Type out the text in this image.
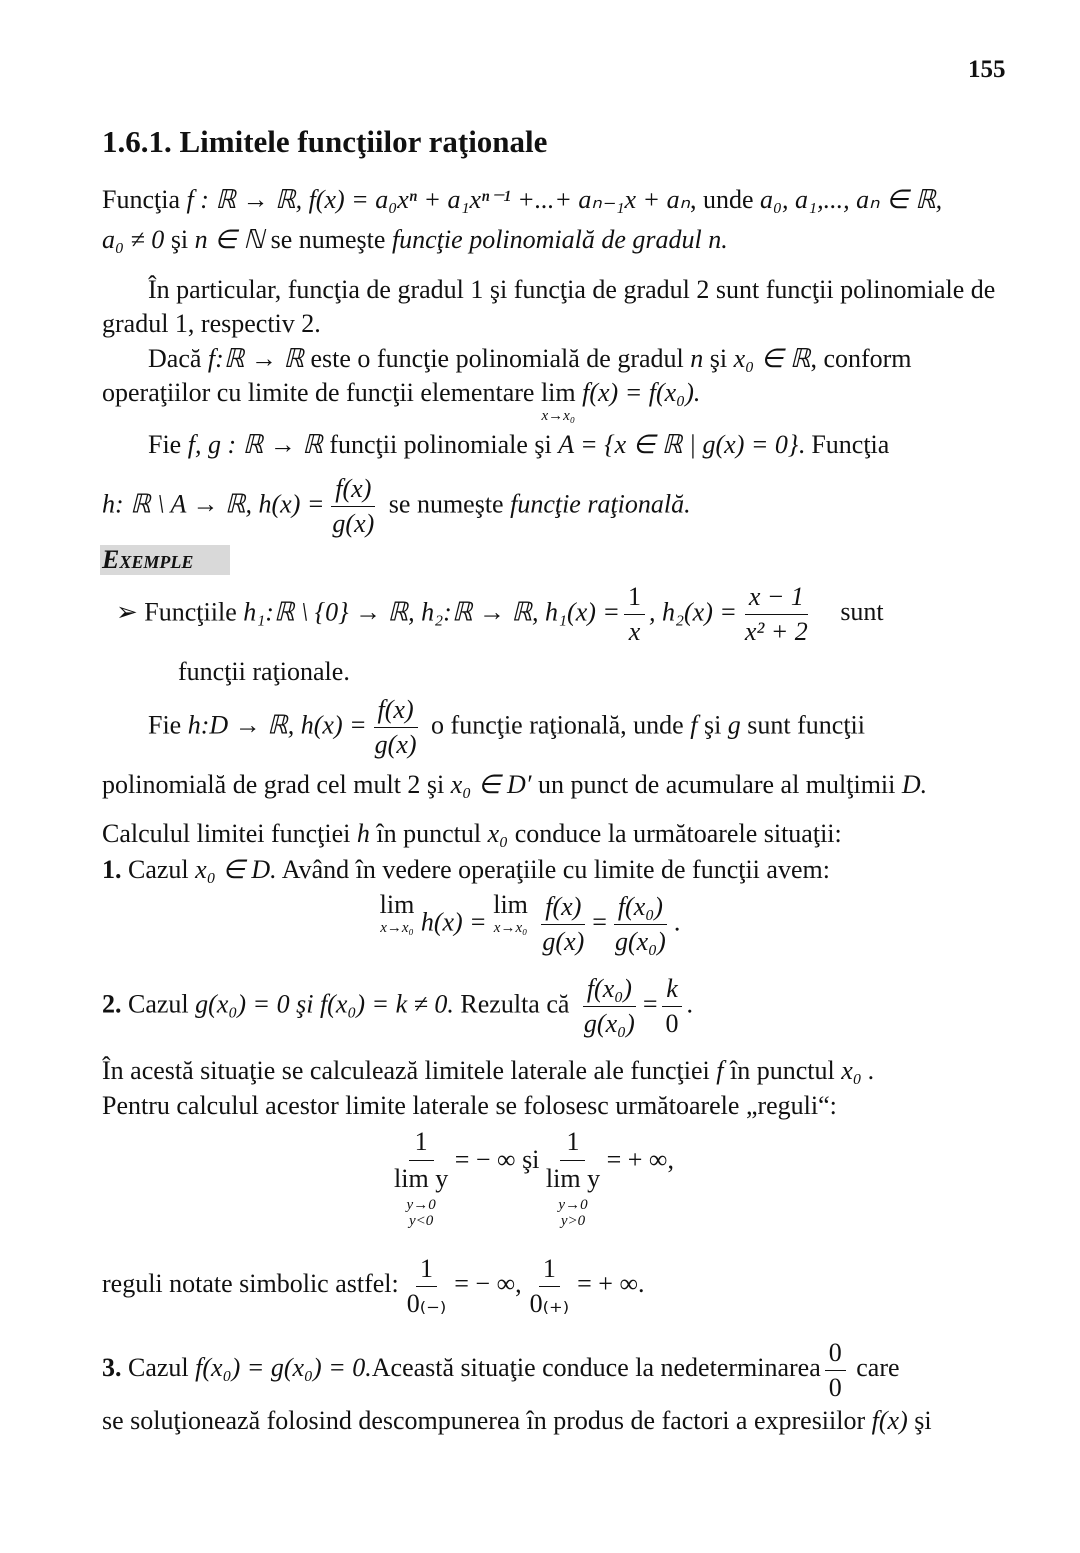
155
1.6.1. Limitele funcţiilor raţionale
Funcţia f : ℝ → ℝ, f(x) = a₀xⁿ + a₁xⁿ⁻¹ +...+ aₙ₋₁x + aₙ, unde a₀, a₁,..., aₙ ∈ ℝ,
a₀ ≠ 0 şi n ∈ ℕ se numeşte funcţie polinomială de gradul n.
În particular, funcţia de gradul 1 şi funcţia de gradul 2 sunt funcţii polinomiale de
gradul 1, respectiv 2.
Dacă f:ℝ → ℝ este o funcţie polinomială de gradul n şi x₀ ∈ ℝ, conform
operaţiilor cu limite de funcţii elementare lim
x→x₀
f(x) = f(x₀).
Fie f, g : ℝ → ℝ funcţii polinomiale şi A = {x ∈ ℝ | g(x) = 0}. Funcţia
h: ℝ \ A → ℝ, $h(x) = \frac{f(x)}{g(x)}$ se numeşte funcţie raţională.
Exemple
➢ Funcţiile h₁:ℝ \ {0} → ℝ, h₂:ℝ → ℝ, $h_1(x) = \frac{1}{x}$ , $h_2(x) = \frac{x - 1}{\text{x² + 2}}$ sunt
funcţii raţionale.
Fie h:D → ℝ, $h(x) = \frac{f(x)}{g(x)}$ o funcţie raţională, unde f şi g sunt funcţii
polinomială de grad cel mult 2 şi x₀ ∈ D′ un punct de acumulare al mulţimii D.
Calculul limitei funcţiei h în punctul x₀ conduce la următoarele situaţii:
1. Cazul x₀ ∈ D. Având în vedere operaţiile cu limite de funcţii avem:
lim
x→x₀ h(x) =
lim
x→x₀
$\frac{f(x)}{g(x)} = \frac{\text{f(x₀)}}{\text{g(x₀)}}$ .
2. Cazul g(x₀) = 0 şi f(x₀) = k ≠ 0. Rezulta că $\frac{\text{f(x₀)}}{\text{g(x₀)}} = \frac{k}{0}$ .
În acestă situaţie se calculează limitele laterale ale funcţiei f în punctul x₀ .
Pentru calculul acestor limite laterale se folosesc următoarele „reguli“:
1
lim y
y→0
y<0
= − ∞ şi
1
lim y
y→0
y>0
= + ∞,
reguli notate simbolic astfel: $\frac{1}{0_{(-)}}$ = − ∞, $\frac{1}{0_{(+)}}$ = + ∞.
3. Cazul f(x₀) = g(x₀) = 0.Această situaţie conduce la nedeterminarea $\frac{0}{0}$ care
se soluţionează folosind descompunerea în produs de factori a expresiilor f(x) şi
